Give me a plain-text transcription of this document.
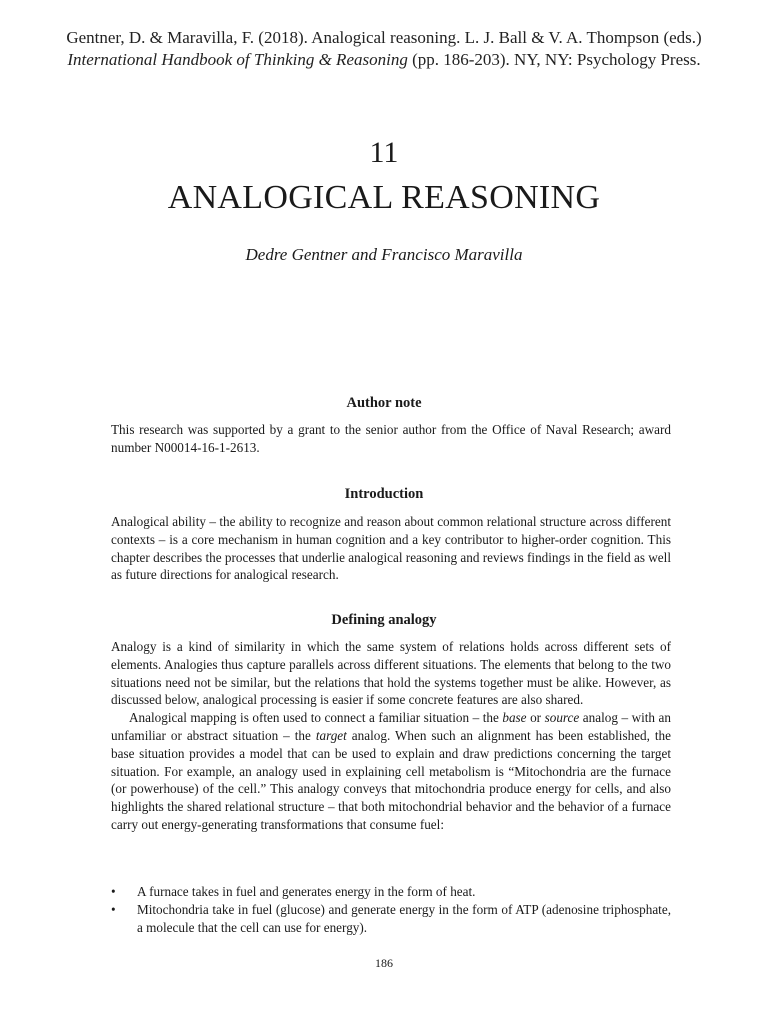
Gentner, D. & Maravilla, F. (2018). Analogical reasoning. L. J. Ball & V. A. Thompson (eds.)
International Handbook of Thinking & Reasoning (pp. 186-203). NY, NY: Psychology Press.
11
ANALOGICAL REASONING
Dedre Gentner and Francisco Maravilla
Author note

This research was supported by a grant to the senior author from the Office of Naval Research; award number N00014-16-1-2613.

Introduction

Analogical ability – the ability to recognize and reason about common relational structure across different contexts – is a core mechanism in human cognition and a key contributor to higher-order cognition. This chapter describes the processes that underlie analogical reasoning and reviews findings in the field as well as future directions for analogical research.

Defining analogy

Analogy is a kind of similarity in which the same system of relations holds across different sets of elements. Analogies thus capture parallels across different situations. The elements that belong to the two situations need not be similar, but the relations that hold the systems together must be alike. However, as discussed below, analogical processing is easier if some concrete features are also shared.

Analogical mapping is often used to connect a familiar situation – the base or source analog – with an unfamiliar or abstract situation – the target analog. When such an alignment has been established, the base situation provides a model that can be used to explain and draw predictions concerning the target situation. For example, an analogy used in explaining cell metabolism is “Mitochondria are the furnace (or powerhouse) of the cell.” This analogy conveys that mitochondria produce energy for cells, and also highlights the shared relational structure – that both mitochondrial behavior and the behavior of a furnace carry out energy-generating transformations that consume fuel:

• A furnace takes in fuel and generates energy in the form of heat.
• Mitochondria take in fuel (glucose) and generate energy in the form of ATP (adenosine triphosphate, a molecule that the cell can use for energy).
186
